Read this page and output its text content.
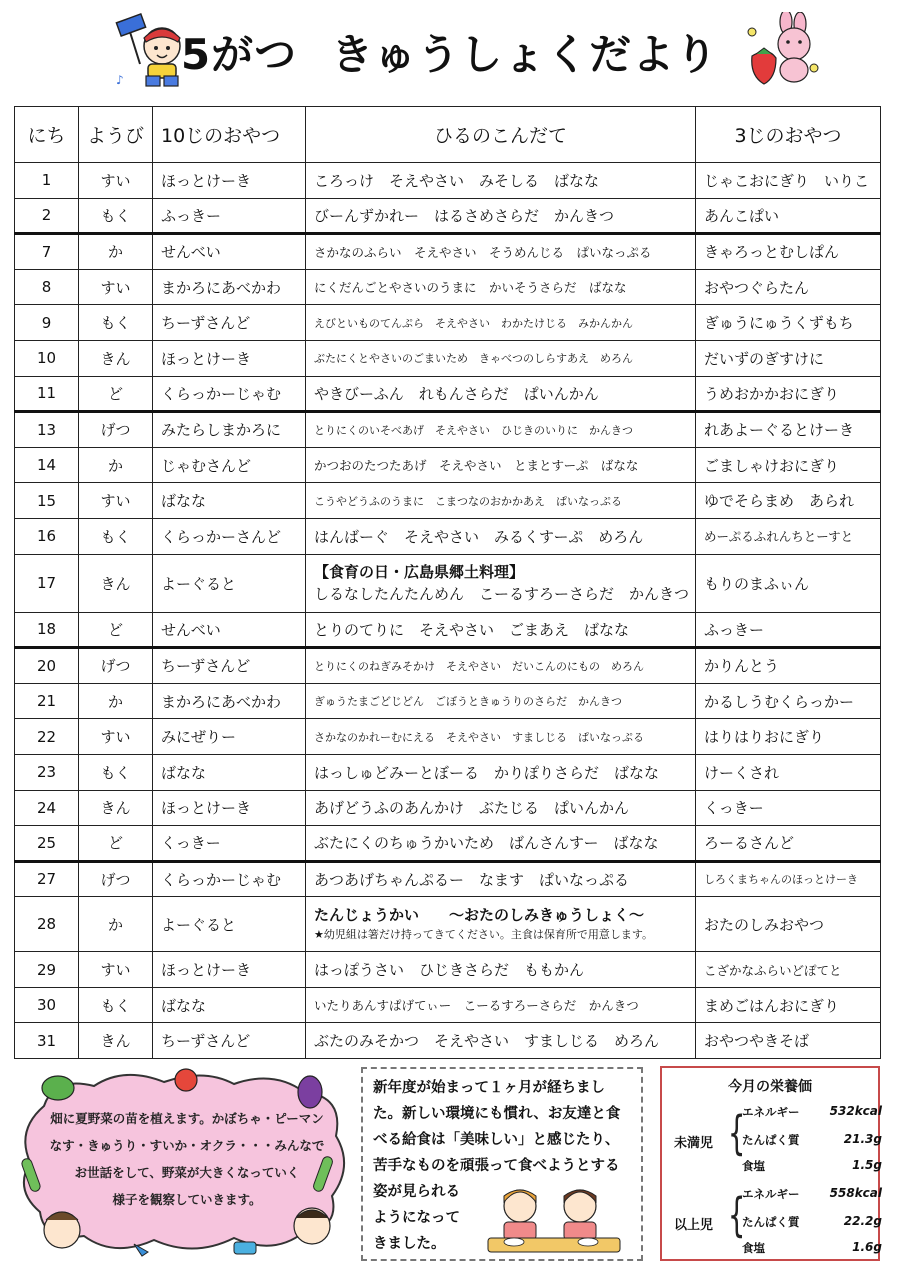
♪
5がつ きゅうしょくだより
にち	ようび	10じのおやつ	ひるのこんだて	3じのおやつ
1	すい	ほっとけーき	ころっけ　そえやさい　みそしる　ばなな	じゃこおにぎり　いりこ
2	もく	ふっきー	びーんずかれー　はるさめさらだ　かんきつ	あんこぱい
7	か	せんべい	さかなのふらい　そえやさい　そうめんじる　ぱいなっぷる	きゃろっとむしぱん
8	すい	まかろにあべかわ	にくだんごとやさいのうまに　かいそうさらだ　ばなな	おやつぐらたん
9	もく	ちーずさんど	えびといものてんぷら　そえやさい　わかたけじる　みかんかん	ぎゅうにゅうくずもち
10	きん	ほっとけーき	ぶたにくとやさいのごまいため　きゃべつのしらすあえ　めろん	だいずのぎすけに
11	ど	くらっかーじゃむ	やきびーふん　れもんさらだ　ぱいんかん	うめおかかおにぎり
13	げつ	みたらしまかろに	とりにくのいそべあげ　そえやさい　ひじきのいりに　かんきつ	れあよーぐるとけーき
14	か	じゃむさんど	かつおのたつたあげ　そえやさい　とまとすーぷ　ばなな	ごましゃけおにぎり
15	すい	ばなな	こうやどうふのうまに　こまつなのおかかあえ　ぱいなっぷる	ゆでそらまめ　あられ
16	もく	くらっかーさんど	はんばーぐ　そえやさい　みるくすーぷ　めろん	めーぷるふれんちとーすと
17	きん	よーぐると	【食育の日・広島県郷土料理】
しるなしたんたんめん　こーるすろーさらだ　かんきつ	もりのまふぃん
18	ど	せんべい	とりのてりに　そえやさい　ごまあえ　ばなな	ふっきー
20	げつ	ちーずさんど	とりにくのねぎみそかけ　そえやさい　だいこんのにもの　めろん	かりんとう
21	か	まかろにあべかわ	ぎゅうたまごどじどん　ごぼうときゅうりのさらだ　かんきつ	かるしうむくらっかー
22	すい	みにぜりー	さかなのかれーむにえる　そえやさい　すましじる　ぱいなっぷる	はりはりおにぎり
23	もく	ばなな	はっしゅどみーとぼーる　かりぽりさらだ　ばなな	けーくされ
24	きん	ほっとけーき	あげどうふのあんかけ　ぶたじる　ぱいんかん	くっきー
25	ど	くっきー	ぶたにくのちゅうかいため　ばんさんすー　ばなな	ろーるさんど
27	げつ	くらっかーじゃむ	あつあげちゃんぷるー　なます　ぱいなっぷる	しろくまちゃんのほっとけーき
28	か	よーぐると	たんじょうかい　　～おたのしみきゅうしょく～
★幼児組は箸だけ持ってきてください。主食は保育所で用意します。	おたのしみおやつ
29	すい	ほっとけーき	はっぽうさい　ひじきさらだ　ももかん	こざかなふらいどぽてと
30	もく	ばなな	いたりあんすぱげてぃー　こーるすろーさらだ　かんきつ	まめごはんおにぎり
31	きん	ちーずさんど	ぶたのみそかつ　そえやさい　すましじる　めろん	おやつやきそば
畑に夏野菜の苗を植えます。かぼちゃ・ピーマン
なす・きゅうり・すいか・オクラ・・・みんなで
お世話をして、野菜が大きくなっていく
様子を観察していきます。
新年度が始まって１ヶ月が経ちまし
た。新しい環境にも慣れ、お友達と食
べる給食は「美味しい」と感じたり、
苦手なものを頑張って食べようとする
姿が見られる
ようになって
きました。
今月の栄養価
未満児 {
エネルギー	532kcal
たんぱく質	21.3g
食塩	1.5g
以上児 {
エネルギー	558kcal
たんぱく質	22.2g
食塩	1.6g
